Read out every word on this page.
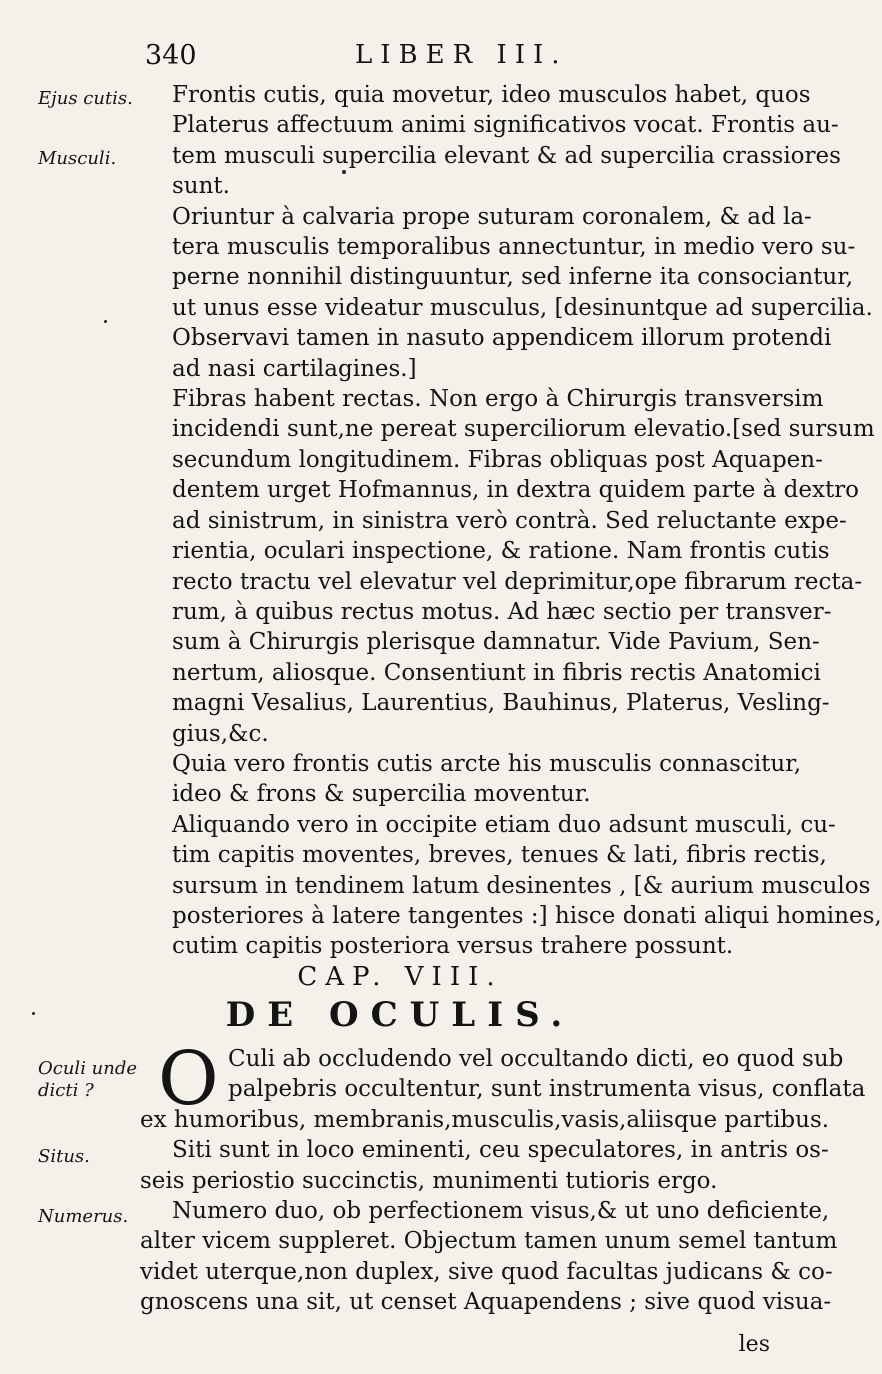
340	LIBER III.
Ejus cutis.
Musculi.
Oculi unde dicti ?
Situs.
Numerus.

Frontis cutis, quia movetur, ideo musculos habet, quos
Platerus affectuum animi significativos vocat. Frontis au-
tem musculi supercilia elevant & ad supercilia crassiores
sunt.

Oriuntur à calvaria prope suturam coronalem, & ad la-
tera musculis temporalibus annectuntur, in medio vero su-
perne nonnihil distinguuntur, sed inferne ita consociantur,
ut unus esse videatur musculus, [desinuntque ad supercilia.
Observavi tamen in nasuto appendicem illorum protendi
ad nasi cartilagines.]

Fibras habent rectas. Non ergo à Chirurgis transversim
incidendi sunt,ne pereat superciliorum elevatio.[sed sursum
secundum longitudinem. Fibras obliquas post Aquapen-
dentem urget Hofmannus, in dextra quidem parte à dextro
ad sinistrum, in sinistra verò contrà. Sed reluctante expe-
rientia, oculari inspectione, & ratione. Nam frontis cutis
recto tractu vel elevatur vel deprimitur,ope fibrarum recta-
rum, à quibus rectus motus. Ad hæc sectio per transver-
sum à Chirurgis plerisque damnatur. Vide Pavium, Sen-
nertum, aliosque. Consentiunt in fibris rectis Anatomici
magni Vesalius, Laurentius, Bauhinus, Platerus, Vesling-
gius,&c.

Quia vero frontis cutis arcte his musculis connascitur,
ideo & frons & supercilia moventur.

Aliquando vero in occipite etiam duo adsunt musculi, cu-
tim capitis moventes, breves, tenues & lati, fibris rectis,
sursum in tendinem latum desinentes , [& aurium musculos
posteriores à latere tangentes :] hisce donati aliqui homines,
cutim capitis posteriora versus trahere possunt.

CAP. VIII.
DE OCULIS.
O Culi ab occludendo vel occultando dicti, eo quod sub
palpebris occultentur, sunt instrumenta visus, conflata
ex humoribus, membranis,musculis,vasis,aliisque partibus.
Siti sunt in loco eminenti, ceu speculatores, in antris os-
seis periostio succinctis, munimenti tutioris ergo.
Numero duo, ob perfectionem visus,& ut uno deficiente,
alter vicem suppleret. Objectum tamen unum semel tantum
videt uterque,non duplex, sive quod facultas judicans & co-
gnoscens una sit, ut censet Aquapendens ; sive quod visua-
les
